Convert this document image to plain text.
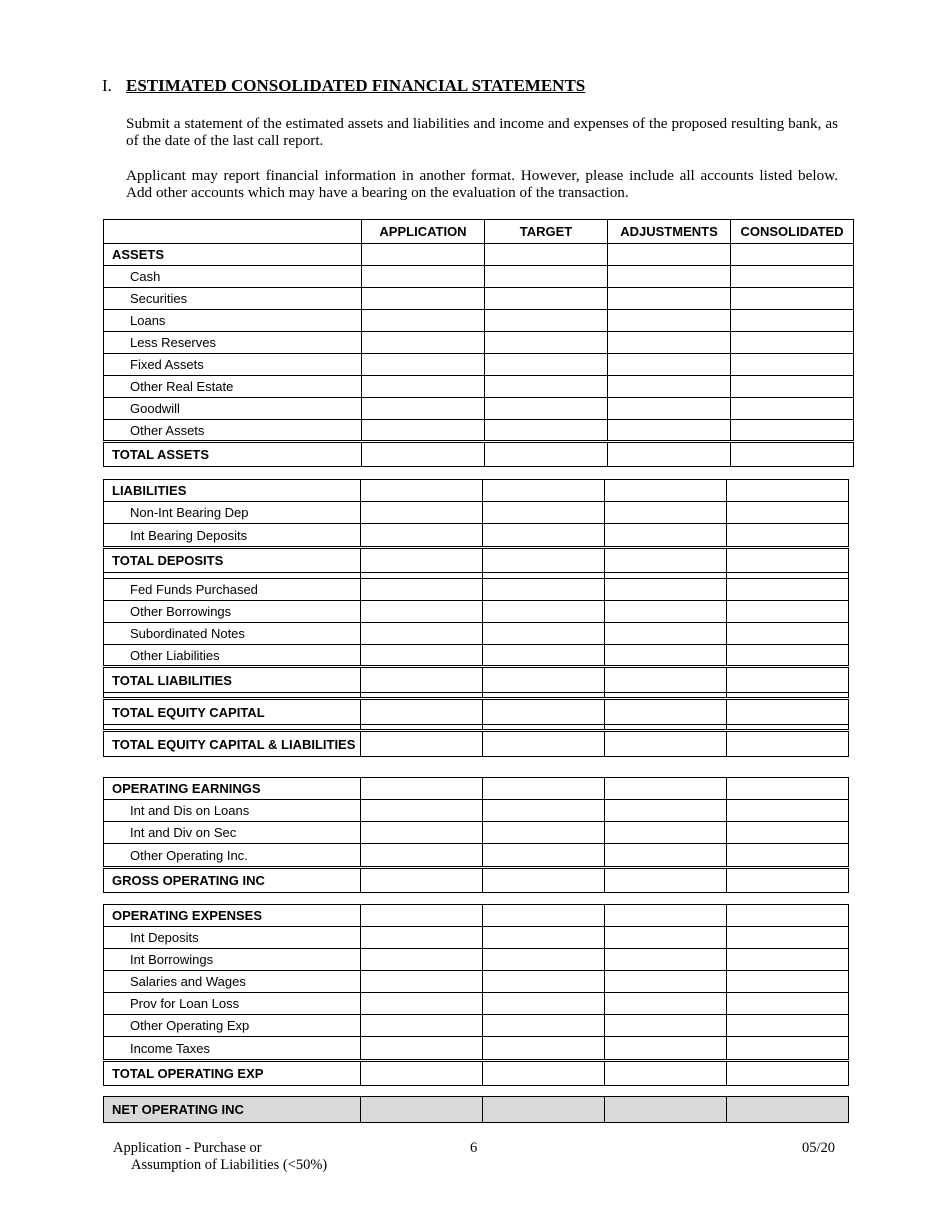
I. ESTIMATED CONSOLIDATED FINANCIAL STATEMENTS
Submit a statement of the estimated assets and liabilities and income and expenses of the proposed resulting bank, as of the date of the last call report.
Applicant may report financial information in another format. However, please include all accounts listed below. Add other accounts which may have a bearing on the evaluation of the transaction.
	APPLICATION	TARGET	ADJUSTMENTS	CONSOLIDATED
ASSETS				
Cash				
Securities				
Loans				
Less Reserves				
Fixed Assets				
Other Real Estate				
Goodwill				
Other Assets				
TOTAL ASSETS				
LIABILITIES				
Non-Int Bearing Dep				
Int Bearing Deposits				
TOTAL DEPOSITS				

Fed Funds Purchased				
Other Borrowings				
Subordinated Notes				
Other Liabilities				
TOTAL LIABILITIES				

TOTAL EQUITY CAPITAL				

TOTAL EQUITY CAPITAL & LIABILITIES				
OPERATING EARNINGS				
Int and Dis on Loans				
Int and Div on Sec				
Other Operating Inc.				
GROSS OPERATING INC				
OPERATING EXPENSES				
Int Deposits				
Int Borrowings				
Salaries and Wages				
Prov for Loan Loss				
Other Operating Exp				
Income Taxes				
TOTAL OPERATING EXP				
NET OPERATING INC				
Application - Purchase or
Assumption of Liabilities (<50%)
6	05/20
